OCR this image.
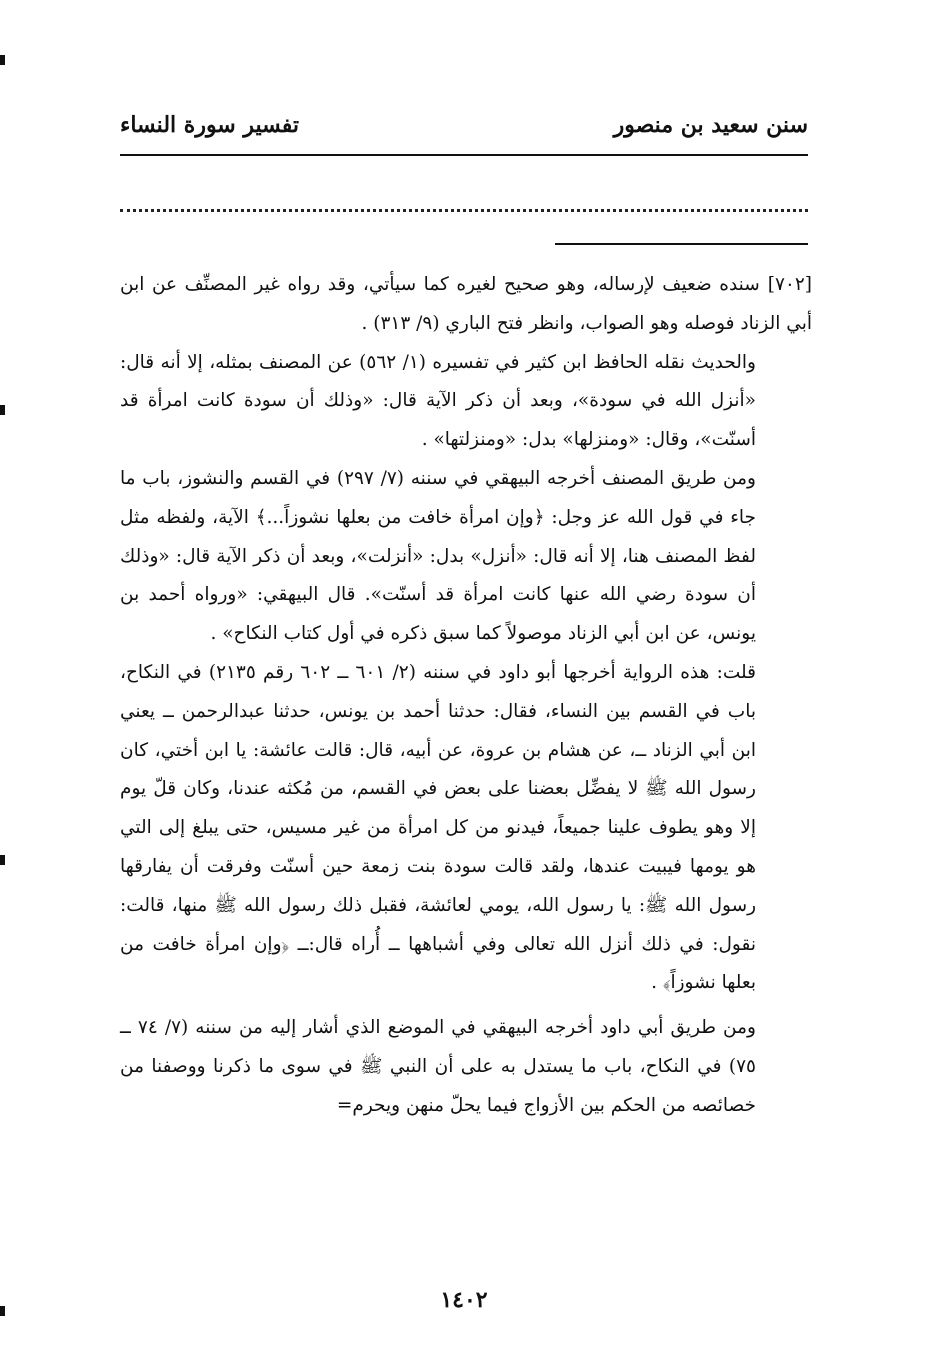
سنن سعيد بن منصور
تفسير سورة النساء

[٧٠٢]سنده ضعيف لإرساله، وهو صحيح لغيره كما سيأتي، وقد رواه غير المصنِّف عن ابن أبي الزناد فوصله وهو الصواب، وانظر فتح الباري (٩/ ٣١٣) .

والحديث نقله الحافظ ابن كثير في تفسيره (١/ ٥٦٢) عن المصنف بمثله، إلا أنه قال: «أنزل الله في سودة»، وبعد أن ذكر الآية قال: «وذلك أن سودة كانت امرأة قد أسنّت»، وقال: «ومنزلها» بدل: «ومنزلتها» .

ومن طريق المصنف أخرجه البيهقي في سننه (٧/ ٢٩٧) في القسم والنشوز، باب ما جاء في قول الله عز وجل: ﴿وإن امرأة خافت من بعلها نشوزاً...﴾ الآية، ولفظه مثل لفظ المصنف هنا، إلا أنه قال: «أنزل» بدل: «أنزلت»، وبعد أن ذكر الآية قال: «وذلك أن سودة رضي الله عنها كانت امرأة قد أسنّت». قال البيهقي: «ورواه أحمد بن يونس، عن ابن أبي الزناد موصولاً كما سبق ذكره في أول كتاب النكاح» .

قلت: هذه الرواية أخرجها أبو داود في سننه (٢/ ٦٠١ ــ ٦٠٢ رقم ٢١٣٥) في النكاح، باب في القسم بين النساء، فقال: حدثنا أحمد بن يونس، حدثنا عبدالرحمن ــ يعني ابن أبي الزناد ــ، عن هشام بن عروة، عن أبيه، قال: قالت عائشة: يا ابن أختي، كان رسول الله ﷺ لا يفضِّل بعضنا على بعض في القسم، من مُكثه عندنا، وكان قلّ يوم إلا وهو يطوف علينا جميعاً، فيدنو من كل امرأة من غير مسيس، حتى يبلغ إلى التي هو يومها فيبيت عندها، ولقد قالت سودة بنت زمعة حين أسنّت وفرقت أن يفارقها رسول الله ﷺ: يا رسول الله، يومي لعائشة، فقبل ذلك رسول الله ﷺ منها، قالت: نقول: في ذلك أنزل الله تعالى وفي أشباهها ــ أُراه قال:ــ ﴿وإن امرأة خافت من بعلها نشوزاً﴾ .

ومن طريق أبي داود أخرجه البيهقي في الموضع الذي أشار إليه من سننه (٧/ ٧٤ ــ ٧٥) في النكاح، باب ما يستدل به على أن النبي ﷺ في سوى ما ذكرنا ووصفنا من خصائصه من الحكم بين الأزواج فيما يحلّ منهن ويحرم=

١٤٠٢
